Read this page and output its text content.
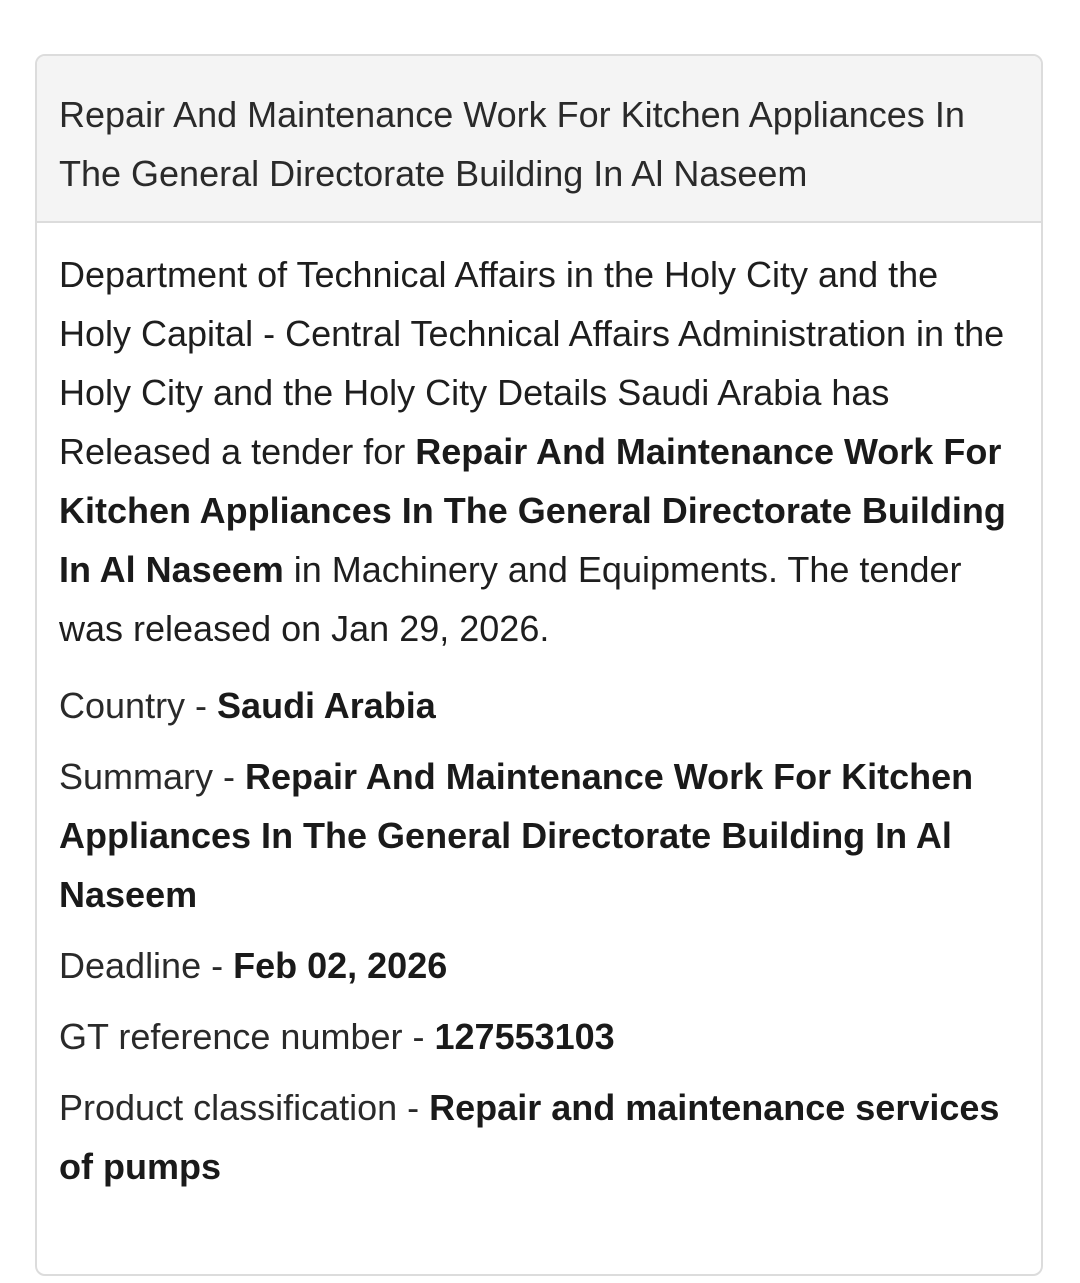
Repair And Maintenance Work For Kitchen Appliances In The General Directorate Building In Al Naseem

Department of Technical Affairs in the Holy City and the Holy Capital - Central Technical Affairs Administration in the Holy City and the Holy City Details Saudi Arabia has Released a tender for Repair And Maintenance Work For Kitchen Appliances In The General Directorate Building In Al Naseem in Machinery and Equipments. The tender was released on Jan 29, 2026.

Country - Saudi Arabia

Summary - Repair And Maintenance Work For Kitchen Appliances In The General Directorate Building In Al Naseem

Deadline - Feb 02, 2026

GT reference number - 127553103

Product classification - Repair and maintenance services of pumps
